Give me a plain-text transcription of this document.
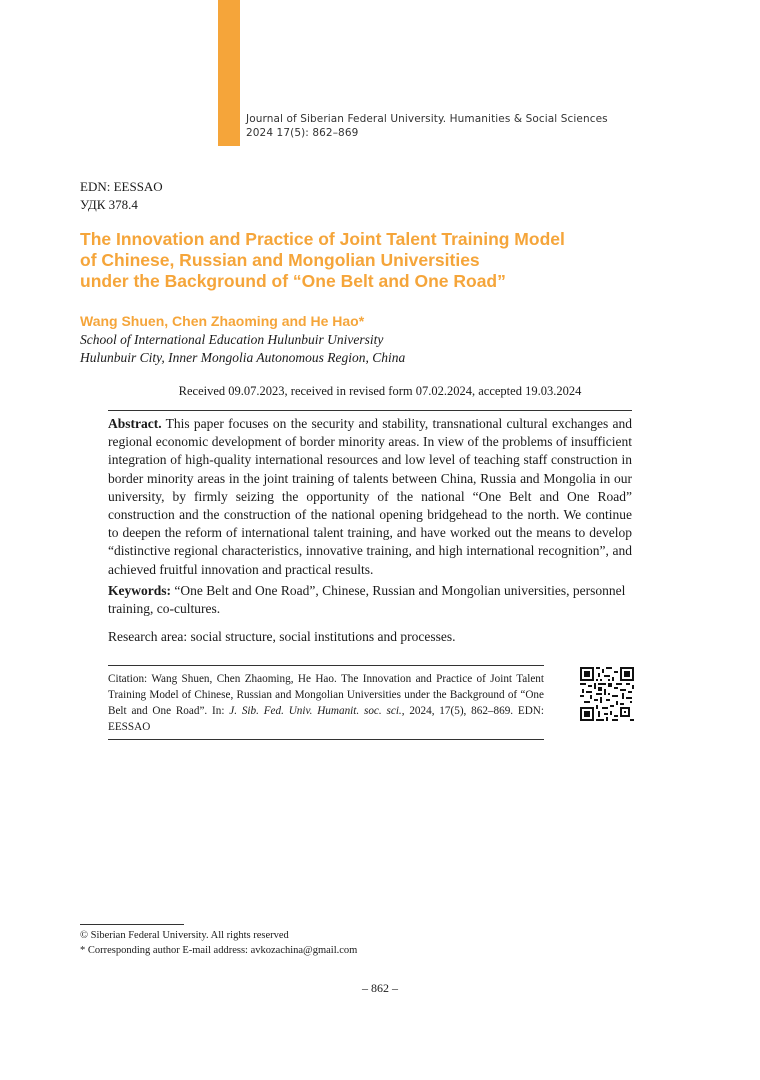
Journal of Siberian Federal University. Humanities & Social Sciences
2024 17(5): 862–869
EDN: EESSAO
УДК 378.4
The Innovation and Practice of Joint Talent Training Model
of Chinese, Russian and Mongolian Universities
under the Background of “One Belt and One Road”
Wang Shuen, Chen Zhaoming and He Hao*
School of International Education Hulunbuir University
Hulunbuir City, Inner Mongolia Autonomous Region, China
Received 09.07.2023, received in revised form 07.02.2024, accepted 19.03.2024

Abstract. This paper focuses on the security and stability, transnational cultural exchanges and regional economic development of border minority areas. In view of the problems of insufficient integration of high-quality international resources and low level of teaching staff construction in border minority areas in the joint training of talents between China, Russia and Mongolia in our university, by firmly seizing the opportunity of the national “One Belt and One Road” construction and the construction of the national opening bridgehead to the north. We continue to deepen the reform of international talent training, and have worked out the means to develop “distinctive regional characteristics, innovative training, and high international recognition”, and achieved fruitful innovation and practical results.

Keywords: “One Belt and One Road”, Chinese, Russian and Mongolian universities, personnel training, co-cultures.

Research area: social structure, social institutions and processes.

Citation: Wang Shuen, Chen Zhaoming, He Hao. The Innovation and Practice of Joint Talent Training Model of Chinese, Russian and Mongolian Universities under the Background of “One Belt and One Road”. In: J. Sib. Fed. Univ. Humanit. soc. sci., 2024, 17(5), 862–869. EDN: EESSAO

© Siberian Federal University. All rights reserved
* Corresponding author E-mail address: avkozachina@gmail.com
– 862 –
